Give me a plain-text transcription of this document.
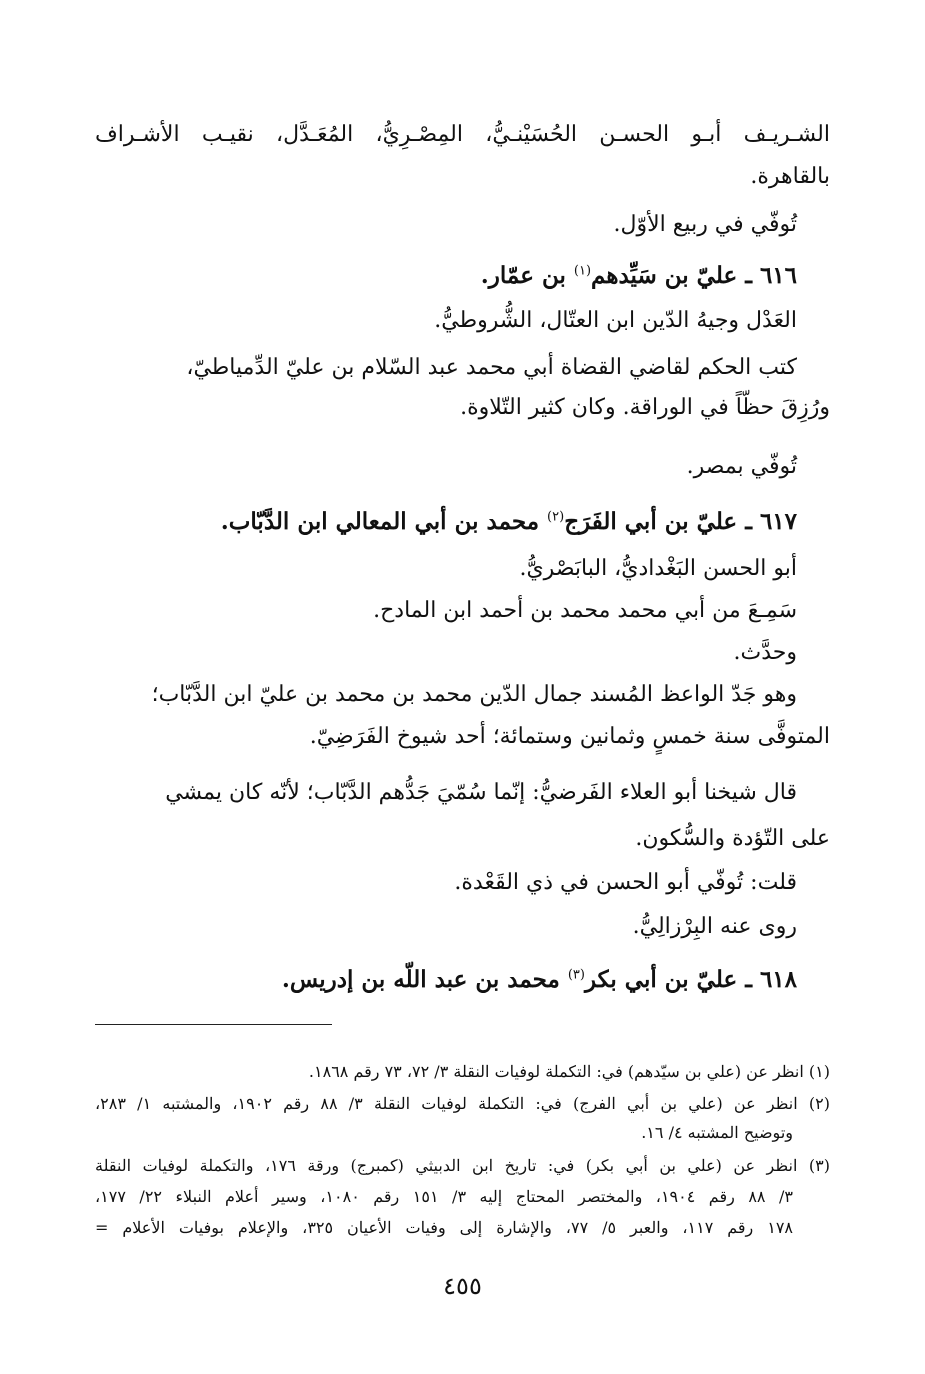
الشـريـف أبـو الحسـن الحُسَيْنـيُّ، المِصْـرِيُّ، المُعَـدَّل، نقيـب الأشـراف
بالقاهرة.
تُوفّي في ربيع الأوّل.
٦١٦ ـ عليّ بن سَيِّدهم$^{(١)}$ بن عمّار.
العَدْل وجيهُ الدّين ابن العتّال، الشُّروطيُّ.
كتب الحكم لقاضي القضاة أبي محمد عبد السّلام بن عليّ الدِّمياطيّ،
ورُزِقَ حظّاً في الوراقة. وكان كثير التّلاوة.
تُوفّي بمصر.
٦١٧ ـ عليّ بن أبي الفَرَج$^{(٢)}$ محمد بن أبي المعالي ابن الدَّبّاب.
أبو الحسن البَغْداديُّ، البابَصْريُّ.
سَمِـعَ من أبي محمد محمد بن أحمد ابن المادح.
وحدَّث.
وهو جَدّ الواعظ المُسند جمال الدّين محمد بن محمد بن عليّ ابن الدَّبّاب؛
المتوفَّى سنة خمسٍ وثمانين وستمائة؛ أحد شيوخ الفَرَضِيّ.
قال شيخنا أبو العلاء الفَرضيُّ: إنّما سُمّيَ جَدُّهم الدَّبّاب؛ لأنّه كان يمشي
على التّؤدة والسُّكون.
قلت: تُوفّي أبو الحسن في ذي القَعْدة.
روى عنه البِرْزالِيُّ.
٦١٨ ـ عليّ بن أبي بكر$^{(٣)}$ محمد بن عبد اللّه بن إدريس.
(١) انظر عن (علي بن سيّدهم) في: التكملة لوفيات النقلة ٣/ ٧٢، ٧٣ رقم ١٨٦٨.
(٢) انظر عن (علي بن أبي الفرج) في: التكملة لوفيات النقلة ٣/ ٨٨ رقم ١٩٠٢، والمشتبه ١/ ٢٨٣،
وتوضيح المشتبه ٤/ ١٦.
(٣) انظر عن (علي بن أبي بكر) في: تاريخ ابن الدبيثي (كمبرج) ورقة ١٧٦، والتكملة لوفيات النقلة
٣/ ٨٨ رقم ١٩٠٤، والمختصر المحتاج إليه ٣/ ١٥١ رقم ١٠٨٠، وسير أعلام النبلاء ٢٢/ ١٧٧،
١٧٨ رقم ١١٧، والعبر ٥/ ٧٧، والإشارة إلى وفيات الأعيان ٣٢٥، والإعلام بوفيات الأعلام =
٤٥٥
